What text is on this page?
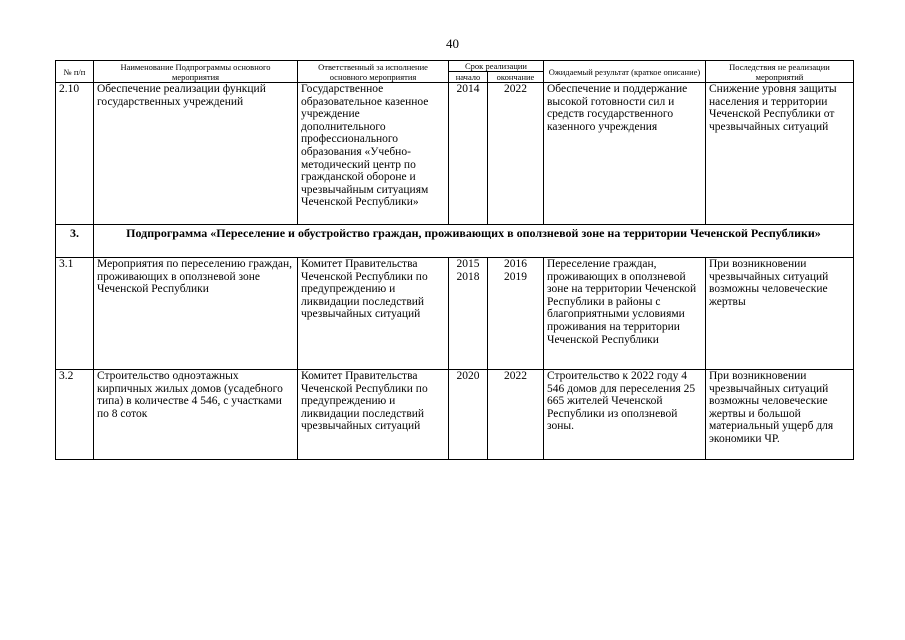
40
№ п/п	Наименование Подпрограммы основного мероприятия	Ответственный за исполнение основного мероприятия	Срок реализации		Ожидаемый результат (краткое описание)	Последствия не реализации мероприятий
			начало	окончание		
2.10	Обеспечение реализации функций государственных учреждений	Государственное образовательное казенное учреждение дополнительного профессионального образования «Учебно-методический центр по гражданской обороне и чрезвычайным ситуациям Чеченской Республики»	2014	2022	Обеспечение и поддержание высокой готовности сил и средств государственного казенного учреждения	Снижение уровня защиты населения и территории Чеченской Республики от чрезвычайных ситуаций
3.	Подпрограмма «Переселение и обустройство граждан, проживающих в оползневой зоне на территории Чеченской Республики»					
3.1	Мероприятия по переселению граждан, проживающих в оползневой зоне Чеченской Республики	Комитет Правительства Чеченской Республики по предупреждению и ликвидации последствий чрезвычайных ситуаций	2015 2018	2016 2019	Переселение граждан, проживающих в оползневой зоне на территории Чеченской Республики в районы с благоприятными условиями проживания на территории Чеченской Республики	При возникновении чрезвычайных ситуаций возможны человеческие жертвы
3.2	Строительство одноэтажных кирпичных жилых домов (усадебного типа) в количестве 4 546, с участками по 8 соток	Комитет Правительства Чеченской Республики по предупреждению и ликвидации последствий чрезвычайных ситуаций	2020	2022	Строительство к 2022 году 4 546 домов для переселения 25 665 жителей Чеченской Республики из оползневой зоны.	При возникновении чрезвычайных ситуаций возможны человеческие жертвы и большой материальный ущерб для экономики ЧР.
